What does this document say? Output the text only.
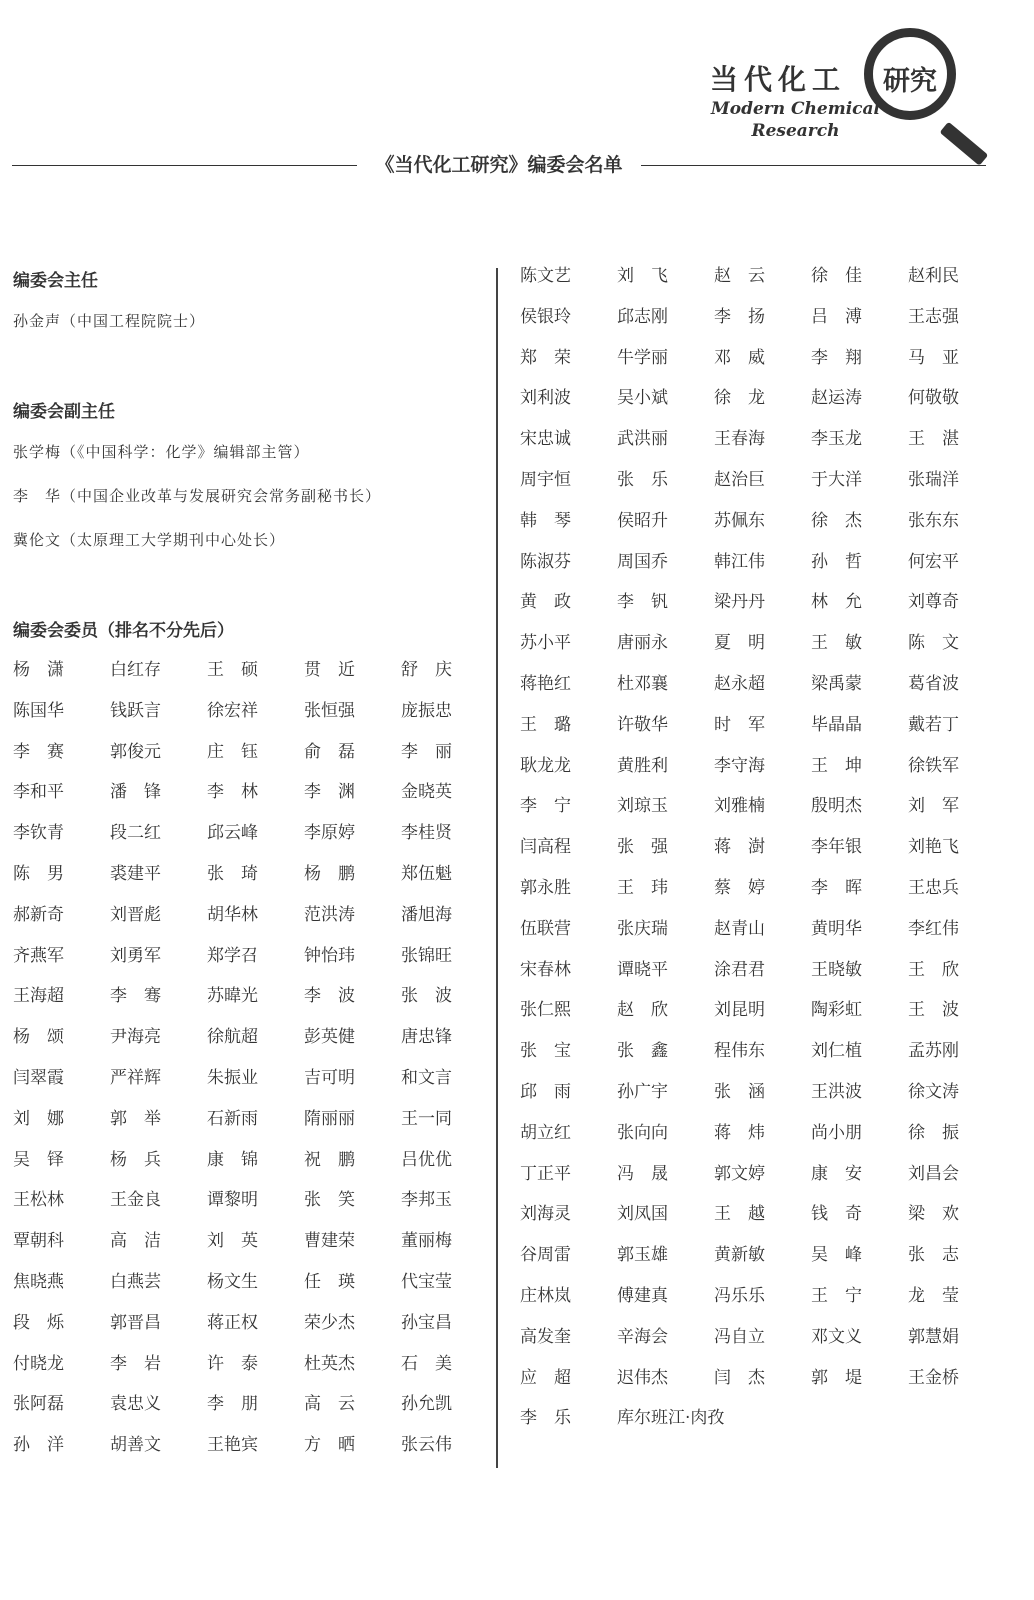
当代化工	研究
Modern Chemical
Research
《当代化工研究》编委会名单
编委会主任
孙金声（中国工程院院士）
编委会副主任
张学梅（《中国科学：化学》编辑部主管）
李　华（中国企业改革与发展研究会常务副秘书长）
冀伦文（太原理工大学期刊中心处长）
编委会委员（排名不分先后）
杨　潇	白红存	王　硕	贯　近	舒　庆
陈国华	钱跃言	徐宏祥	张恒强	庞振忠
李　赛	郭俊元	庄　钰	俞　磊	李　丽
李和平	潘　锋	李　林	李　渊	金晓英
李钦青	段二红	邱云峰	李原婷	李桂贤
陈　男	裘建平	张　琦	杨　鹏	郑伍魁
郝新奇	刘晋彪	胡华林	范洪涛	潘旭海
齐燕军	刘勇军	郑学召	钟怡玮	张锦旺
王海超	李　骞	苏暐光	李　波	张　波
杨　颂	尹海亮	徐航超	彭英健	唐忠锋
闫翠霞	严祥辉	朱振业	吉可明	和文言
刘　娜	郭　举	石新雨	隋丽丽	王一同
吴　铎	杨　兵	康　锦	祝　鹏	吕优优
王松林	王金良	谭黎明	张　笑	李邦玉
覃朝科	高　洁	刘　英	曹建荣	董丽梅
焦晓燕	白燕芸	杨文生	任　瑛	代宝莹
段　烁	郭晋昌	蒋正权	荣少杰	孙宝昌
付晓龙	李　岩	许　泰	杜英杰	石　美
张阿磊	袁忠义	李　朋	高　云	孙允凯
孙　洋	胡善文	王艳宾	方　晒	张云伟
陈文艺	刘　飞	赵　云	徐　佳	赵利民
侯银玲	邱志刚	李　扬	吕　溥	王志强
郑　荣	牛学丽	邓　威	李　翔	马　亚
刘利波	吴小斌	徐　龙	赵运涛	何敬敬
宋忠诚	武洪丽	王春海	李玉龙	王　湛
周宇恒	张　乐	赵治巨	于大洋	张瑞洋
韩　琴	侯昭升	苏佩东	徐　杰	张东东
陈淑芬	周国乔	韩江伟	孙　哲	何宏平
黄　政	李　钒	梁丹丹	林　允	刘尊奇
苏小平	唐丽永	夏　明	王　敏	陈　文
蒋艳红	杜邓襄	赵永超	梁禹蒙	葛省波
王　璐	许敬华	时　军	毕晶晶	戴若丁
耿龙龙	黄胜利	李守海	王　坤	徐铁军
李　宁	刘琼玉	刘雅楠	殷明杰	刘　军
闫高程	张　强	蒋　澍	李年银	刘艳飞
郭永胜	王　玮	蔡　婷	李　晖	王忠兵
伍联营	张庆瑞	赵青山	黄明华	李红伟
宋春林	谭晓平	涂君君	王晓敏	王　欣
张仁熙	赵　欣	刘昆明	陶彩虹	王　波
张　宝	张　鑫	程伟东	刘仁植	孟苏刚
邱　雨	孙广宇	张　涵	王洪波	徐文涛
胡立红	张向向	蒋　炜	尚小朋	徐　振
丁正平	冯　晟	郭文婷	康　安	刘昌会
刘海灵	刘凤国	王　越	钱　奇	梁　欢
谷周雷	郭玉雄	黄新敏	吴　峰	张　志
庄林岚	傅建真	冯乐乐	王　宁	龙　莹
高发奎	辛海会	冯自立	邓文义	郭慧娟
应　超	迟伟杰	闫　杰	郭　堤	王金桥
李　乐	库尔班江·肉孜
